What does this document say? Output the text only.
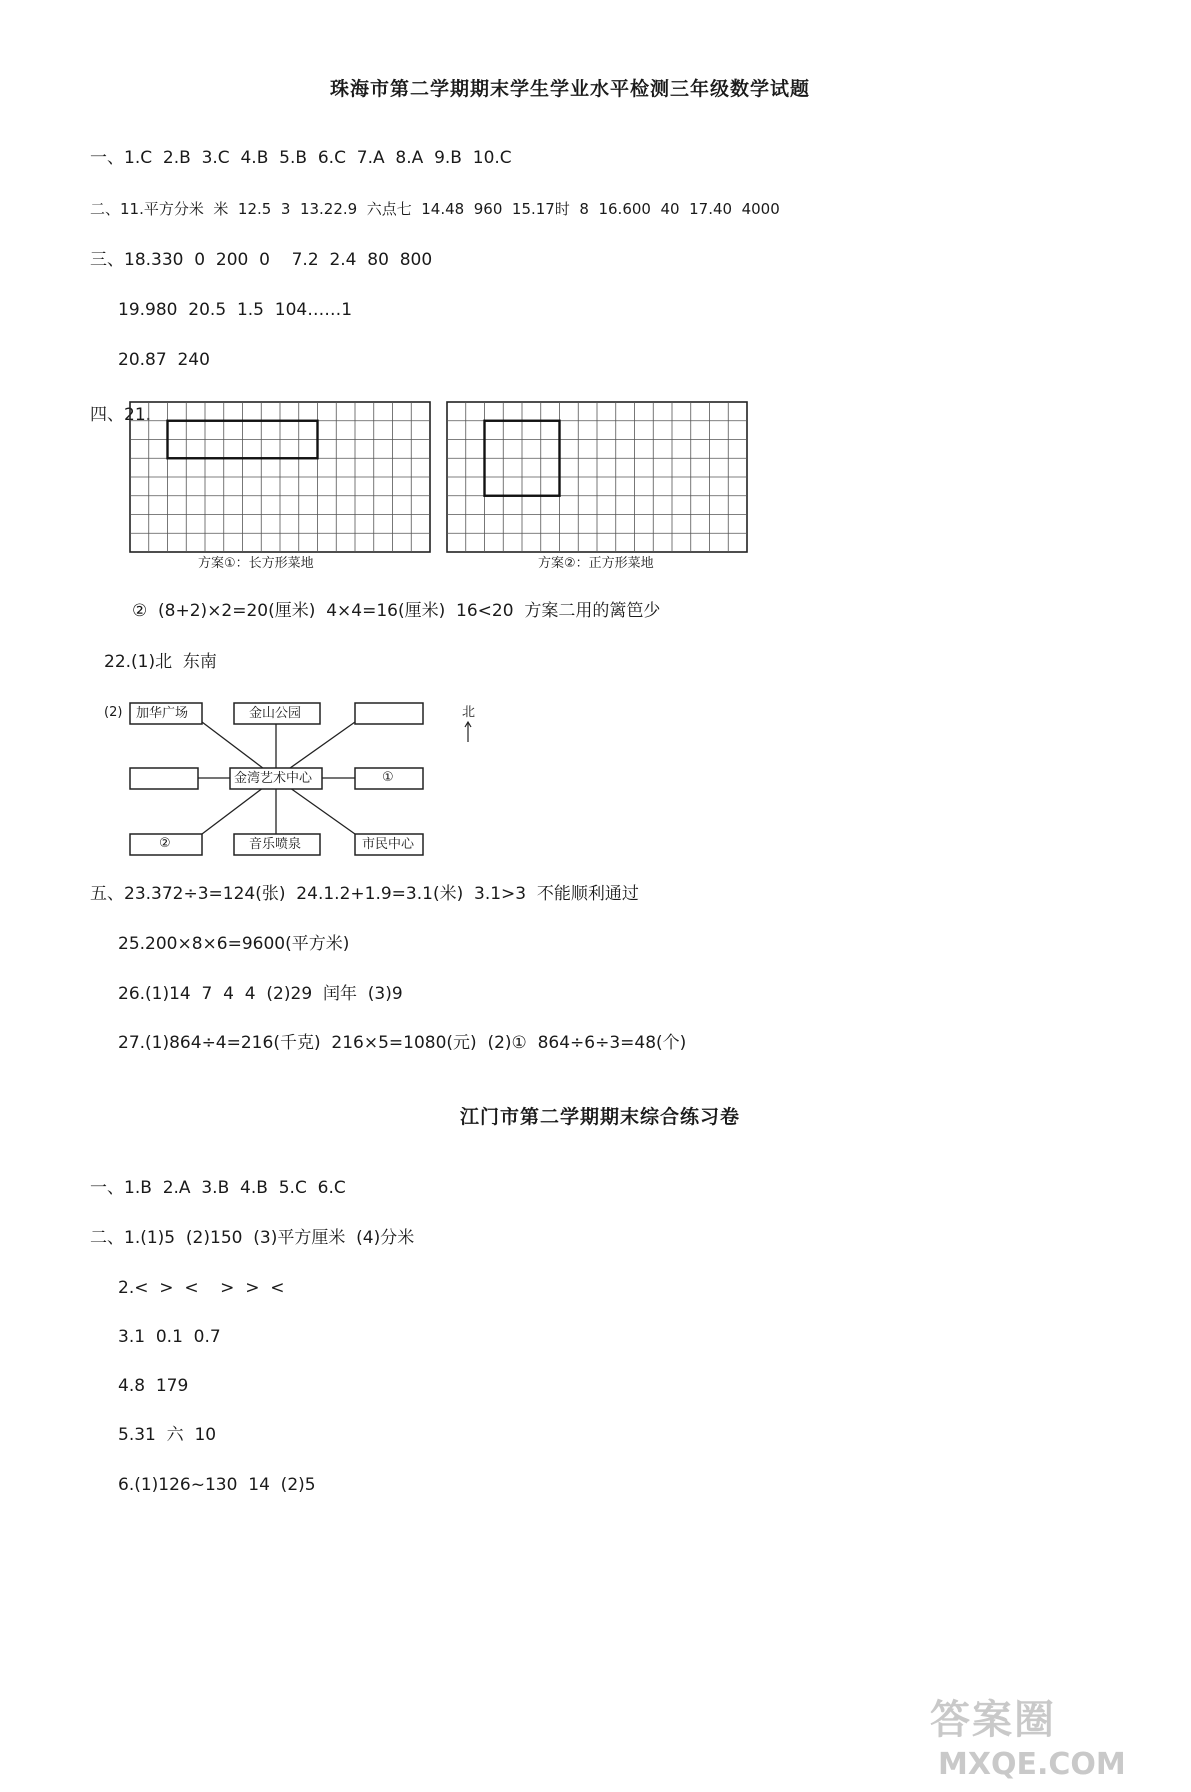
珠海市第二学期期末学生学业水平检测三年级数学试题
一、1.C  2.B  3.C  4.B  5.B  6.C  7.A  8.A  9.B  10.C
二、11.平方分米  米  12.5  3  13.22.9  六点七  14.48  960  15.17时  8  16.600  40  17.40  4000
三、18.330  0  200  0    7.2  2.4  80  800
19.980  20.5  1.5  104……1
20.87  240
四、21.
方案①：长方形菜地	方案②：正方形菜地
②  (8+2)×2=20(厘米)  4×4=16(厘米)  16<20  方案二用的篱笆少
22.(1)北  东南
(2) 加华广场	金山公园
金湾艺术中心	①
②	音乐喷泉	市民中心
北
五、23.372÷3=124(张)  24.1.2+1.9=3.1(米)  3.1>3  不能顺利通过
25.200×8×6=9600(平方米)
26.(1)14  7  4  4  (2)29  闰年  (3)9
27.(1)864÷4=216(千克)  216×5=1080(元)  (2)①  864÷6÷3=48(个)
江门市第二学期期末综合练习卷
一、1.B  2.A  3.B  4.B  5.C  6.C
二、1.(1)5  (2)150  (3)平方厘米  (4)分米
2.<  >  <    >  >  <
3.1  0.1  0.7
4.8  179
5.31  六  10
6.(1)126~130  14  (2)5
答案圈
MXQE.COM
